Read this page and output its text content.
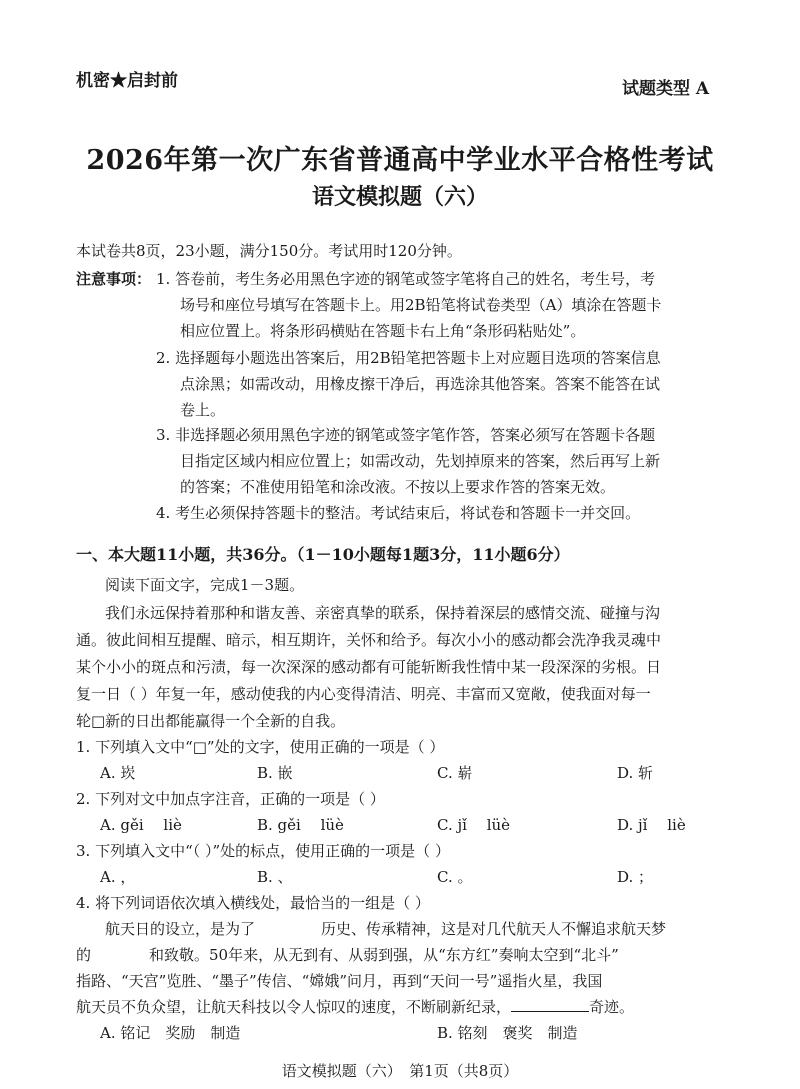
机密★启封前	试题类型 A
2026年第一次广东省普通高中学业水平合格性考试
语文模拟题（六）
本试卷共8页，23小题，满分150分。考试用时120分钟。
注意事项： 1. 答卷前，考生务必用黑色字迹的钢笔或签字笔将自己的姓名，考生号，考
场号和座位号填写在答题卡上。用2B铅笔将试卷类型（A）填涂在答题卡
相应位置上。将条形码横贴在答题卡右上角“条形码粘贴处”。
2. 选择题每小题选出答案后，用2B铅笔把答题卡上对应题目选项的答案信息
点涂黑；如需改动，用橡皮擦干净后，再选涂其他答案。答案不能答在试
卷上。
3. 非选择题必须用黑色字迹的钢笔或签字笔作答，答案必须写在答题卡各题
目指定区域内相应位置上；如需改动，先划掉原来的答案，然后再写上新
的答案；不准使用铅笔和涂改液。不按以上要求作答的答案无效。
4. 考生必须保持答题卡的整洁。考试结束后，将试卷和答题卡一并交回。
一、本大题11小题，共36分。（1－10小题每1题3分，11小题6分）
阅读下面文字，完成1－3题。
我们永远保持着那种和谐友善、亲密真挚的联系，保持着深层的感情交流、碰撞与沟
通。彼此间相互提醒、暗示，相互期许，关怀和给予。每次小小的感动都会洗净我灵魂中
某个小小的斑点和污渍，每一次深深的感动都有可能斩断我性情中某一段深深的劣根。日
复一日（ ）年复一年，感动使我的内心变得清洁、明亮、丰富而又宽敞，使我面对每一
轮□新的日出都能赢得一个全新的自我。
1. 下列填入文中“□”处的文字，使用正确的一项是（ ）
A. 崁	B. 嵌	C. 崭	D. 斩
2. 下列对文中加点字注音，正确的一项是（ ）
A. gěi　 liè	B. gěi　 lüè	C. jǐ　 lüè	D. jǐ　 liè
3. 下列填入文中“（ ）”处的标点，使用正确的一项是（ ）
A. ，	B. 、	C. 。	D. ；
4. 将下列词语依次填入横线处，最恰当的一组是（ ）
航天日的设立，是为了	历史、传承精神，这是对几代航天人不懈追求航天梦
的	和致敬。50年来，从无到有、从弱到强，从“东方红”奏响太空到“北斗”
指路、“天宫”览胜、“墨子”传信、“嫦娥”问月，再到“天问一号”遥指火星，我国
航天员不负众望，让航天科技以令人惊叹的速度，不断刷新纪录，	奇迹。
A. 铭记　奖励　制造	B. 铭刻　褒奖　制造
语文模拟题（六）　第1页（共8页）
